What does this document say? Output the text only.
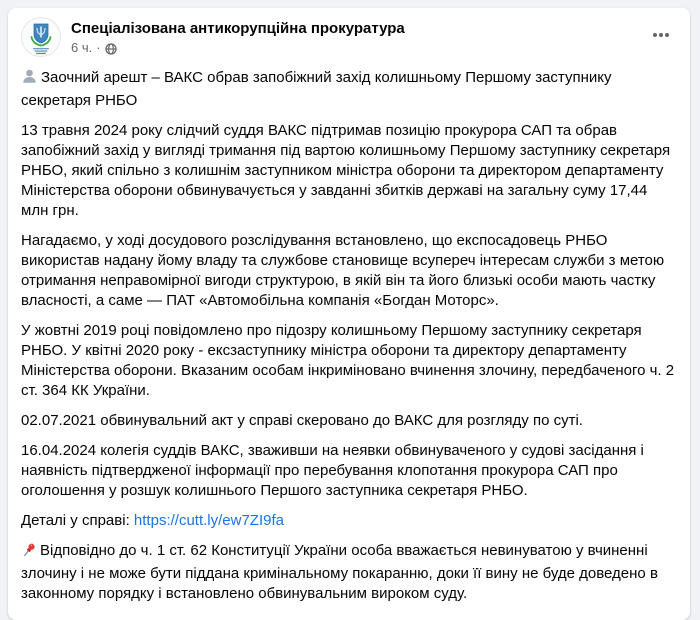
Спеціалізована антикорупційна прокуратура
6 ч. ·

Заочний арешт – ВАКС обрав запобіжний захід колишньому Першому заступнику секретаря РНБО

13 травня 2024 року слідчий суддя ВАКС підтримав позицію прокурора САП та обрав запобіжний захід у вигляді тримання під вартою колишньому Першому заступнику секретаря РНБО, який спільно з колишнім заступником міністра оборони та директором департаменту Міністерства оборони обвинувачується у завданні збитків державі на загальну суму 17,44 млн грн.

Нагадаємо, у ході досудового розслідування встановлено, що експосадовець РНБО використав надану йому владу та службове становище всупереч інтересам служби з метою отримання неправомірної вигоди структурою, в якій він та його близькі особи мають частку власності, а саме — ПАТ «Автомобільна компанія «Богдан Моторс».

У жовтні 2019 році повідомлено про підозру колишньому Першому заступнику секретаря РНБО. У квітні 2020 року - ексзаступнику міністра оборони та директору департаменту Міністерства оборони. Вказаним особам інкриміновано вчинення злочину, передбаченого ч. 2 ст. 364 КК України.

02.07.2021 обвинувальний акт у справі скеровано до ВАКС для розгляду по суті.

16.04.2024 колегія суддів ВАКС, зваживши на неявки обвинуваченого у судові засідання і наявність підтвердженої інформації про перебування клопотання прокурора САП про оголошення у розшук колишнього Першого заступника секретаря РНБО.

Деталі у справі: https://cutt.ly/ew7ZI9fa

Відповідно до ч. 1 ст. 62 Конституції України особа вважається невинуватою у вчиненні злочину і не може бути піддана кримінальному покаранню, доки її вину не буде доведено в законному порядку і встановлено обвинувальним вироком суду.
